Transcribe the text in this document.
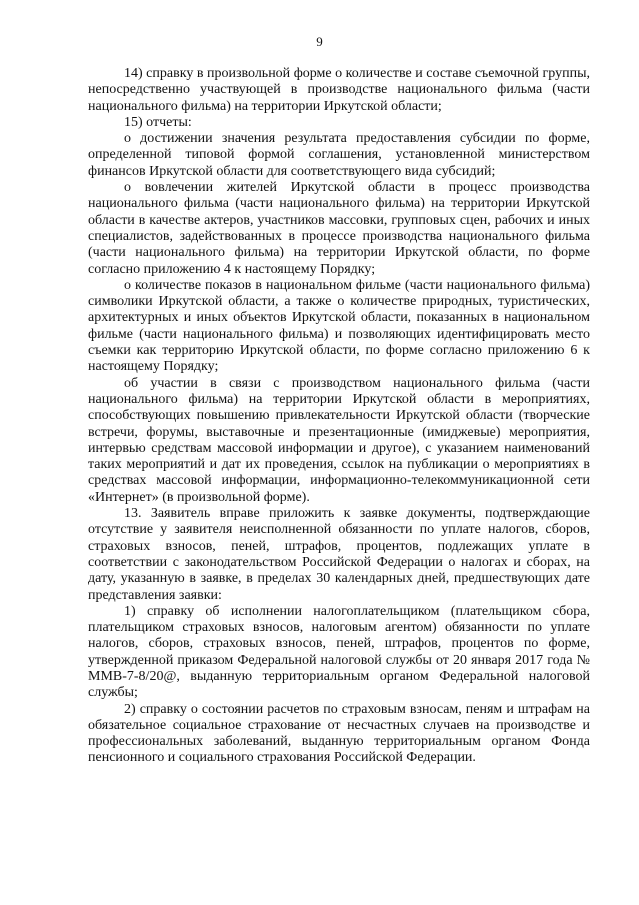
9

14) справку в произвольной форме о количестве и составе съемочной группы, непосредственно участвующей в производстве национального фильма (части национального фильма) на территории Иркутской области;

15) отчеты:

о достижении значения результата предоставления субсидии по форме, определенной типовой формой соглашения, установленной министерством финансов Иркутской области для соответствующего вида субсидий;

о вовлечении жителей Иркутской области в процесс производства национального фильма (части национального фильма) на территории Иркутской области в качестве актеров, участников массовки, групповых сцен, рабочих и иных специалистов, задействованных в процессе производства национального фильма (части национального фильма) на территории Иркутской области, по форме согласно приложению 4 к настоящему Порядку;

о количестве показов в национальном фильме (части национального фильма) символики Иркутской области, а также о количестве природных, туристических, архитектурных и иных объектов Иркутской области, показанных в национальном фильме (части национального фильма) и позволяющих идентифицировать место съемки как территорию Иркутской области, по форме согласно приложению 6 к настоящему Порядку;

об участии в связи с производством национального фильма (части национального фильма) на территории Иркутской области в мероприятиях, способствующих повышению привлекательности Иркутской области (творческие встречи, форумы, выставочные и презентационные (имиджевые) мероприятия, интервью средствам массовой информации и другое), с указанием наименований таких мероприятий и дат их проведения, ссылок на публикации о мероприятиях в средствах массовой информации, информационно-телекоммуникационной сети «Интернет» (в произвольной форме).

13. Заявитель вправе приложить к заявке документы, подтверждающие отсутствие у заявителя неисполненной обязанности по уплате налогов, сборов, страховых взносов, пеней, штрафов, процентов, подлежащих уплате в соответствии с законодательством Российской Федерации о налогах и сборах, на дату, указанную в заявке, в пределах 30 календарных дней, предшествующих дате представления заявки:

1) справку об исполнении налогоплательщиком (плательщиком сбора, плательщиком страховых взносов, налоговым агентом) обязанности по уплате налогов, сборов, страховых взносов, пеней, штрафов, процентов по форме, утвержденной приказом Федеральной налоговой службы от 20 января 2017 года № ММВ-7-8/20@, выданную территориальным органом Федеральной налоговой службы;

2) справку о состоянии расчетов по страховым взносам, пеням и штрафам на обязательное социальное страхование от несчастных случаев на производстве и профессиональных заболеваний, выданную территориальным органом Фонда пенсионного и социального страхования Российской Федерации.
